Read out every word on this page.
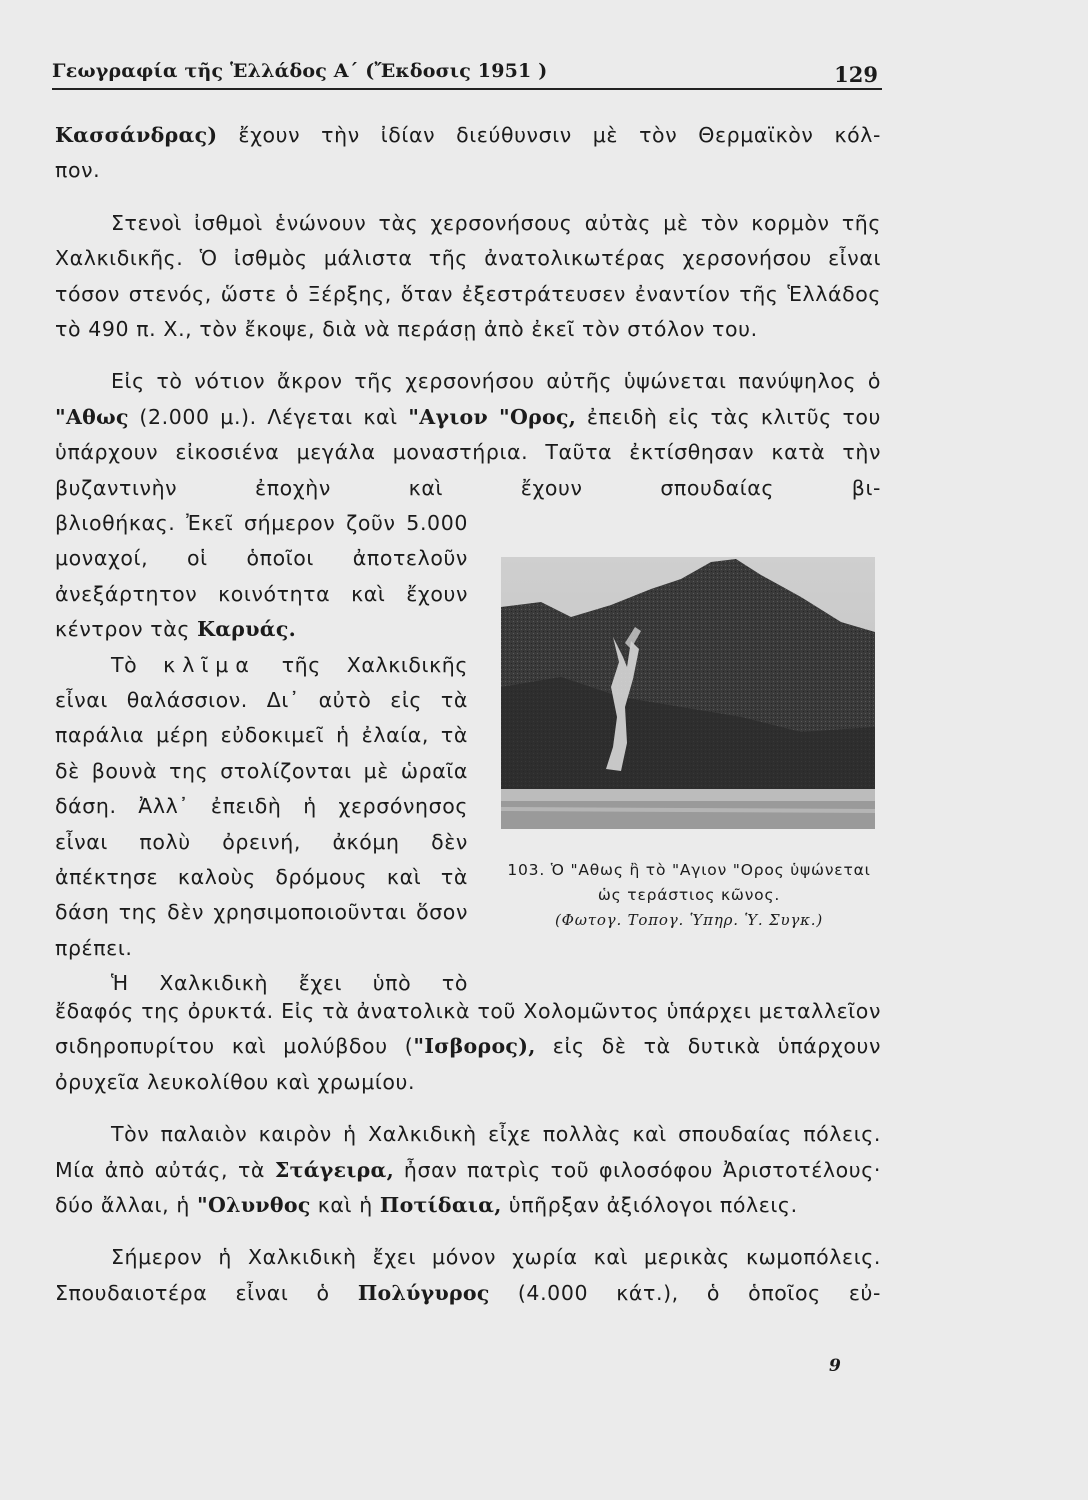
Γεωγραφία τῆς Ἑλλάδος Α΄ (Ἔκδοσις 1951 )	129

Κασσάνδρας) ἔχουν τὴν ἰδίαν διεύθυνσιν μὲ τὸν Θερμαϊκὸν κόλ-

πον.

Στενοὶ ἰσθμοὶ ἑνώνουν τὰς χερσονήσους αὐτὰς μὲ τὸν κορμὸν τῆς Χαλκιδικῆς. Ὁ ἰσθμὸς μάλιστα τῆς ἀνατολικωτέρας χερσονήσου εἶναι τόσον στενός, ὥστε ὁ Ξέρξης, ὅταν ἐξεστράτευσεν ἐναντίον τῆς Ἑλλάδος τὸ 490 π. Χ., τὸν ἔκοψε, διὰ νὰ περάσῃ ἀπὸ ἐκεῖ τὸν στόλον του.

Εἰς τὸ νότιον ἄκρον τῆς χερσονήσου αὐτῆς ὑψώνεται πανύψηλος ὁ "Αθως (2.000 μ.). Λέγεται καὶ "Αγιον "Ορος, ἐπειδὴ εἰς τὰς κλιτῦς του ὑπάρχουν εἰκοσιένα μεγάλα μοναστήρια. Ταῦτα ἐκτίσθησαν κατὰ τὴν βυζαντινὴν ἐποχὴν καὶ ἔχουν σπουδαίας βι-

βλιοθήκας. Ἐκεῖ σήμερον ζοῦν 5.000 μοναχοί, οἱ ὁποῖοι ἀποτελοῦν ἀνεξάρτητον κοινότητα καὶ ἔχουν κέντρον τὰς Καρυάς.

Τὸ κλῖμα τῆς Χαλκιδικῆς εἶναι θαλάσσιον. Δι᾿ αὐτὸ εἰς τὰ παράλια μέρη εὐδοκιμεῖ ἡ ἐλαία, τὰ δὲ βουνὰ της στολίζονται μὲ ὡραῖα δάση. Ἀλλ᾿ ἐπειδὴ ἡ χερσόνησος εἶναι πολὺ ὀρεινή, ἀκόμη δὲν ἀπέκτησε καλοὺς δρόμους καὶ τὰ δάση της δὲν χρησιμοποιοῦνται ὅσον πρέπει.

Ἡ Χαλκιδικὴ ἔχει ὑπὸ τὸ

103. Ὁ "Αθως ἢ τὸ "Αγιον "Ορος ὑψώνεται ὡς τεράστιος κῶνος.
(Φωτογ. Τοπογ. Ὑπηρ. Ὑ. Συγκ.)

ἔδαφός της ὀρυκτά. Εἰς τὰ ἀνατολικὰ τοῦ Χολομῶντος ὑπάρχει μεταλλεῖον σιδηροπυρίτου καὶ μολύβδου ("Ισβορος), εἰς δὲ τὰ δυτικὰ ὑπάρχουν ὀρυχεῖα λευκολίθου καὶ χρωμίου.

Τὸν παλαιὸν καιρὸν ἡ Χαλκιδικὴ εἶχε πολλὰς καὶ σπουδαίας πόλεις. Μία ἀπὸ αὐτάς, τὰ Στάγειρα, ἦσαν πατρὶς τοῦ φιλοσόφου Ἀριστοτέλους· δύο ἄλλαι, ἡ "Ολυνθος καὶ ἡ Ποτίδαια, ὑπῆρξαν ἀξιόλογοι πόλεις.

Σήμερον ἡ Χαλκιδικὴ ἔχει μόνον χωρία καὶ μερικὰς κωμοπόλεις. Σπουδαιοτέρα εἶναι ὁ Πολύγυρος (4.000 κάτ.), ὁ ὁποῖος εὐ-

9
